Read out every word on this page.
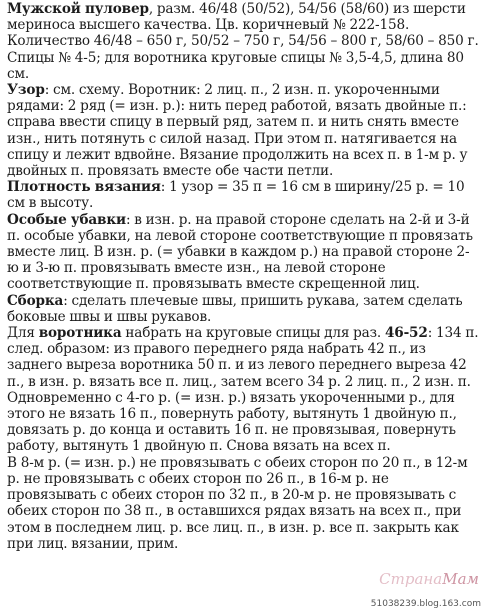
Мужской пуловер, разм. 46/48 (50/52), 54/56 (58/60) из шерсти мериноса высшего качества. Цв. коричневый № 222-158. Количество 46/48 – 650 г, 50/52 – 750 г, 54/56 – 800 г, 58/60 – 850 г. Спицы № 4-5; для воротника круговые спицы № 3,5-4,5, длина 80 см.

Узор: см. схему. Воротник: 2 лиц. п., 2 изн. п. укороченными рядами: 2 ряд (= изн. р.): нить перед работой, вязать двойные п.: справа ввести спицу в первый ряд, затем п. и нить снять вместе изн., нить потянуть с силой назад. При этом п. натягивается на спицу и лежит вдвойне. Вязание продолжить на всех п. в 1-м р. у двойных п. провязать вместе обе части петли.

Плотность вязания: 1 узор = 35 п = 16 см в ширину/25 р. = 10 см в высоту.

Особые убавки: в изн. р. на правой стороне сделать на 2-й и 3-й п. особые убавки, на левой стороне соответствующие п провязать вместе лиц. В изн. р. (= убавки в каждом р.) на правой стороне 2-ю и 3-ю п. провязывать вместе изн., на левой стороне соответствующие п. провязывать вместе скрещенной лиц.

Сборка: сделать плечевые швы, пришить рукава, затем сделать боковые швы и швы рукавов.

Для воротника набрать на круговые спицы для раз. 46-52: 134 п. след. образом: из правого переднего ряда набрать 42 п., из заднего выреза воротника 50 п. и из левого переднего выреза 42 п., в изн. р. вязать все п. лиц., затем всего 34 р. 2 лиц. п., 2 изн. п. Одновременно с 4-го р. (= изн. р.) вязать укороченными р., для этого не вязать 16 п., повернуть работу, вытянуть 1 двойную п., довязать р. до конца и оставить 16 п. не провязывая, повернуть работу, вытянуть 1 двойную п. Снова вязать на всех п.

В 8-м р. (= изн. р.) не провязывать с обеих сторон по 20 п., в 12-м р. не провязывать с обеих сторон по 26 п., в 16-м р. не провязывать с обеих сторон по 32 п., в 20-м р. не провязывать с обеих сторон по 38 п., в оставшихся рядах вязать на всех п., при этом в последнем лиц. р. все лиц. п., в изн. р. все п. закрыть как при лиц. вязании, прим.

СтранаМам
51038239.blog.163.com
